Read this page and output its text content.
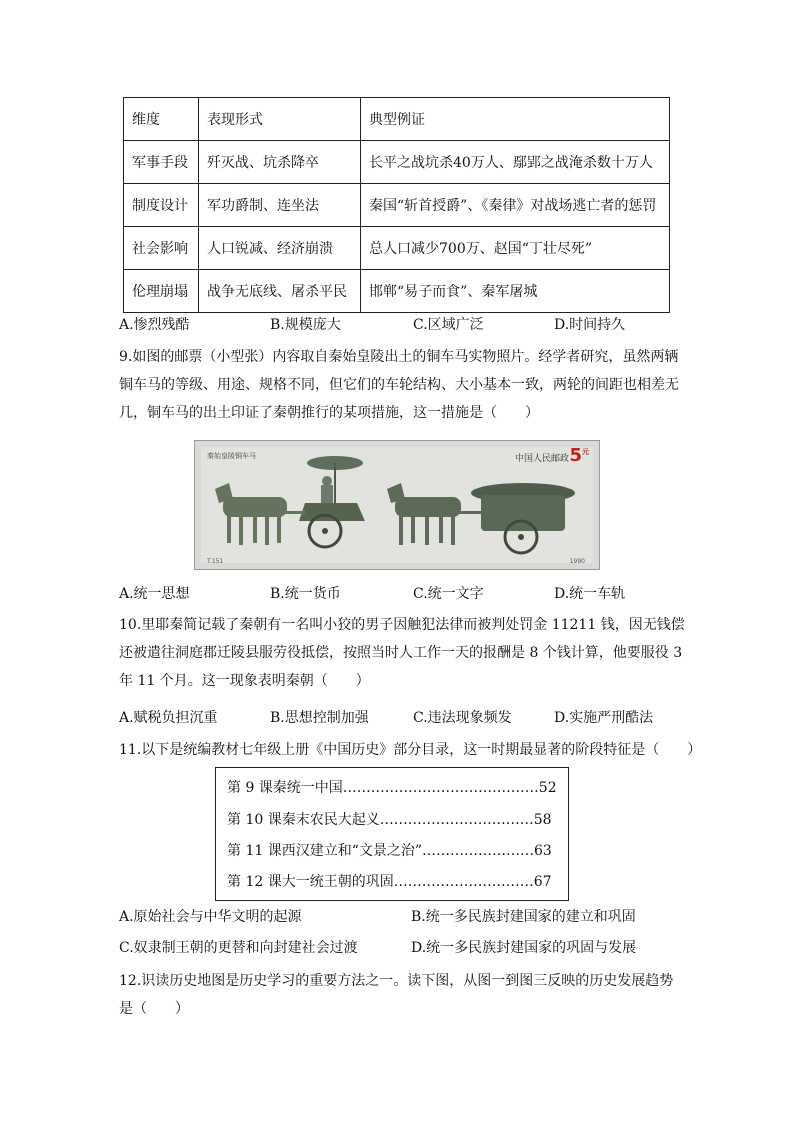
维度	表现形式	典型例证
军事手段	歼灭战、坑杀降卒	长平之战坑杀40万人、鄢郢之战淹杀数十万人
制度设计	军功爵制、连坐法	秦国“斩首授爵”、《秦律》对战场逃亡者的惩罚
社会影响	人口锐减、经济崩溃	总人口减少700万、赵国“丁壮尽死”
伦理崩塌	战争无底线、屠杀平民	邯郸“易子而食”、秦军屠城
A.惨烈残酷	B.规模庞大	C.区域广泛	D.时间持久
9.如图的邮票（小型张）内容取自秦始皇陵出土的铜车马实物照片。经学者研究，虽然两辆
铜车马的等级、用途、规格不同，但它们的车轮结构、大小基本一致，两轮的间距也相差无
几，铜车马的出土印证了秦朝推行的某项措施，这一措施是（　　）
秦始皇陵铜车马	中国人民邮政 $5^元$
T.151	1990
A.统一思想	B.统一货币	C.统一文字	D.统一车轨
10.里耶秦简记载了秦朝有一名叫小狡的男子因触犯法律而被判处罚金 11211 钱，因无钱偿
还被遣往洞庭郡迁陵县服劳役抵偿，按照当时人工作一天的报酬是 8 个钱计算，他要服役 3
年 11 个月。这一现象表明秦朝（　　）
A.赋税负担沉重	B.思想控制加强	C.违法现象频发	D.实施严刑酷法
11.以下是统编教材七年级上册《中国历史》部分目录，这一时期最显著的阶段特征是（　　）
第 9 课秦统一中国……………………………………52
第 10 课秦末农民大起义……………………………58
第 11 课西汉建立和“文景之治”……………………63
第 12 课大一统王朝的巩固…………………………67
A.原始社会与中华文明的起源	B.统一多民族封建国家的建立和巩固
C.奴隶制王朝的更替和向封建社会过渡	D.统一多民族封建国家的巩固与发展
12.识读历史地图是历史学习的重要方法之一。读下图，从图一到图三反映的历史发展趋势
是（　　）
